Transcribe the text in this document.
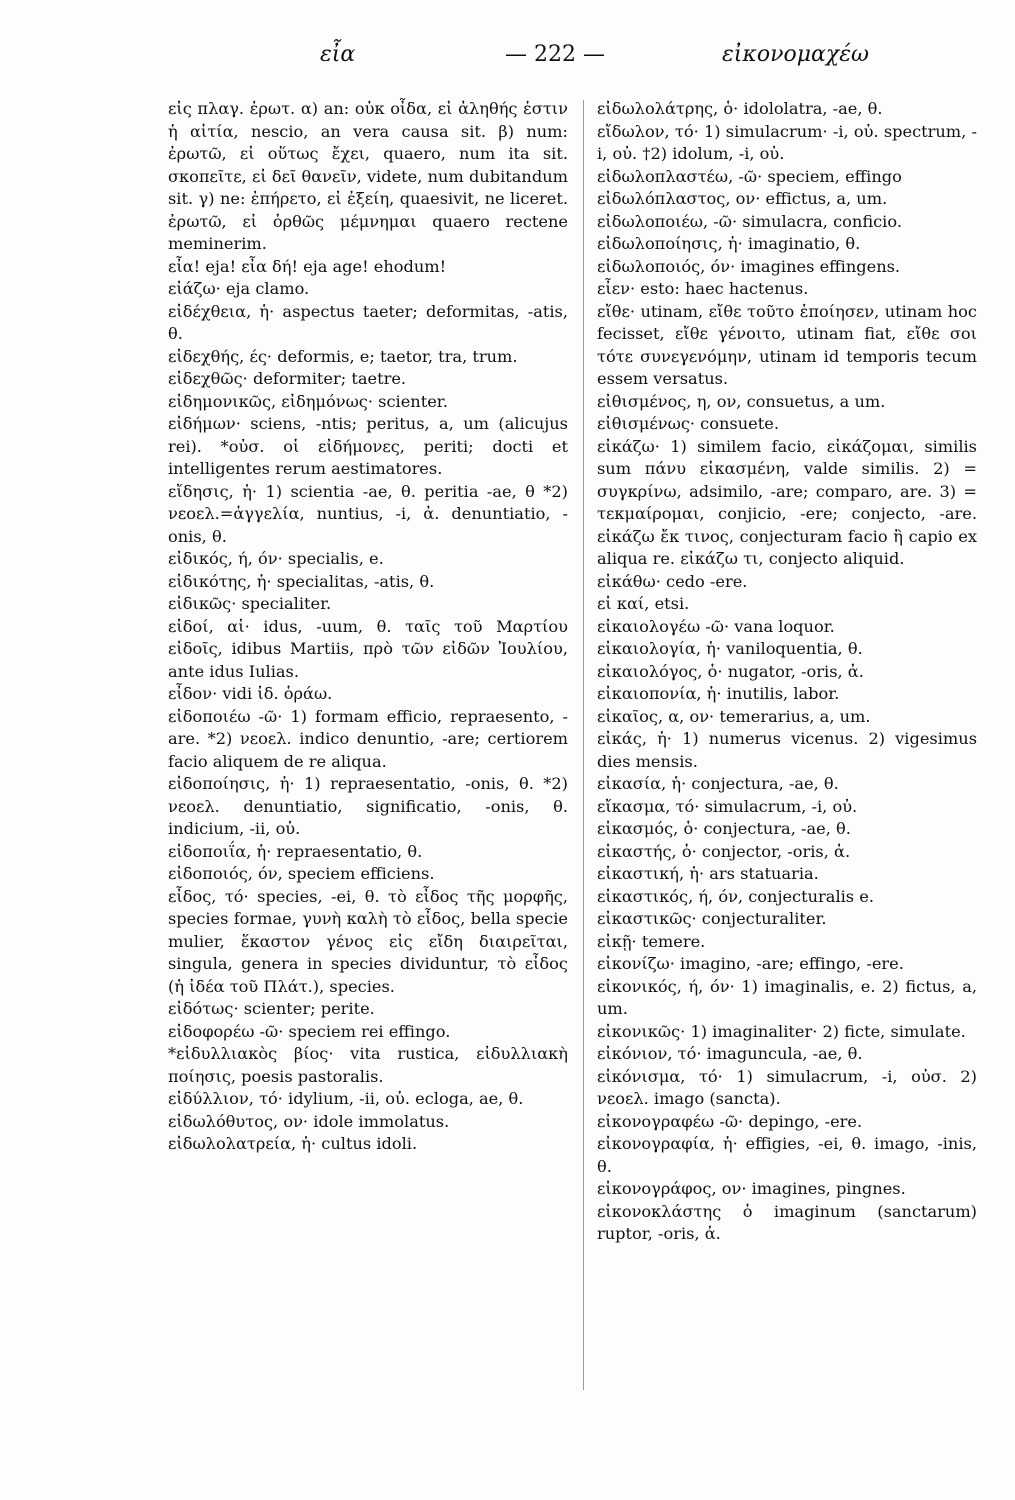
εἶα	— 222 —	εἰκονομαχέω

εἰς πλαγ. ἐρωτ. α) an: οὐκ οἶδα, εἰ ἀληθής ἐστιν ἡ αἰτία, nescio, an vera causa sit. β) num: ἐρωτῶ, εἰ οὕτως ἔχει, quaero, num ita sit. σκοπεῖτε, εἰ δεῖ θανεῖν, videte, num dubitandum sit. γ) ne: ἐπήρετο, εἰ ἐξείη, quaesivit, ne liceret. ἐρωτῶ, εἰ ὀρθῶς μέμνημαι quaero rectene meminerim.

εἶα! eja! εἶα δή! eja age! ehodum!

εἰάζω· eja clamo.

εἰδέχθεια, ἡ· aspectus taeter; deformitas, -atis, θ.

εἰδεχθής, ές· deformis, e; taetor, tra, trum.

εἰδεχθῶς· deformiter; taetre.

εἰδημονικῶς, εἰδημόνως· scienter.

εἰδήμων· sciens, -ntis; peritus, a, um (alicujus rei). *οὐσ. οἱ εἰδήμονες, periti; docti et intelligentes rerum aestimatores.

εἴδησις, ἡ· 1) scientia -ae, θ. peritia -ae, θ *2) νεοελ.=ἀγγελία, nuntius, -i, ἀ. denuntiatio, -onis, θ.

εἰδικός, ή, όν· specialis, e.

εἰδικότης, ἡ· specialitas, -atis, θ.

εἰδικῶς· specialiter.

εἰδοί, αἱ· idus, -uum, θ. ταῖς τοῦ Μαρτίου εἰδοῖς, idibus Martiis, πρὸ τῶν εἰδῶν Ἰουλίου, ante idus Iulias.

εἶδον· vidi ἰδ. ὁράω.

εἰδοποιέω -ῶ· 1) formam efficio, repraesento, -are. *2) νεοελ. indico denuntio, -are; certiorem facio aliquem de re aliqua.

εἰδοποίησις, ἡ· 1) repraesentatio, -onis, θ. *2) νεοελ. denuntiatio, significatio, -onis, θ. indicium, -ii, οὐ.

εἰδοποιΐα, ἡ· repraesentatio, θ.

εἰδοποιός, όν, speciem efficiens.

εἶδος, τό· species, -ei, θ. τὸ εἶδος τῆς μορφῆς, species formae, γυνὴ καλὴ τὸ εἶδος, bella specie mulier, ἕκαστον γένος εἰς εἴδη διαιρεῖται, singula, genera in species dividuntur, τὸ εἶδος (ἡ ἰδέα τοῦ Πλάτ.), species.

εἰδότως· scienter; perite.

εἰδοφορέω -ῶ· speciem rei effingo.

*εἰδυλλιακὸς βίος· vita rustica, εἰδυλλιακὴ ποίησις, poesis pastoralis.

εἰδύλλιον, τό· idylium, -ii, οὐ. ecloga, ae, θ.

εἰδωλόθυτος, ον· idole immolatus.

εἰδωλολατρεία, ἡ· cultus idoli.

εἰδωλολάτρης, ὁ· idololatra, -ae, θ.

εἴδωλον, τό· 1) simulacrum· -i, οὐ. spectrum, -i, οὐ. †2) idolum, -i, οὐ.

εἰδωλοπλαστέω, -ῶ· speciem, effingo

εἰδωλόπλαστος, ον· effictus, a, um.

εἰδωλοποιέω, -ῶ· simulacra, conficio.

εἰδωλοποίησις, ἡ· imaginatio, θ.

εἰδωλοποιός, όν· imagines effingens.

εἶεν· esto: haec hactenus.

εἴθε· utinam, εἴθε τοῦτο ἐποίησεν, utinam hoc fecisset, εἴθε γένοιτο, utinam fiat, εἴθε σοι τότε συνεγενόμην, utinam id temporis tecum essem versatus.

εἰθισμένος, η, ον, consuetus, a um.

εἰθισμένως· consuete.

εἰκάζω· 1) similem facio, εἰκάζομαι, similis sum πάνυ εἰκασμένη, valde similis. 2) = συγκρίνω, adsimilo, -are; comparo, are. 3) = τεκμαίρομαι, conjicio, -ere; conjecto, -are. εἰκάζω ἔκ τινος, conjecturam facio ἢ capio ex aliqua re. εἰκάζω τι, conjecto aliquid.

εἰκάθω· cedo -ere.

εἰ καί, etsi.

εἰκαιολογέω -ῶ· vana loquor.

εἰκαιολογία, ἡ· vaniloquentia, θ.

εἰκαιολόγος, ὁ· nugator, -oris, ἀ.

εἰκαιοπονία, ἡ· inutilis, labor.

εἰκαῖος, α, ον· temerarius, a, um.

εἰκάς, ἡ· 1) numerus vicenus. 2) vigesimus dies mensis.

εἰκασία, ἡ· conjectura, -ae, θ.

εἴκασμα, τό· simulacrum, -i, οὐ.

εἰκασμός, ὁ· conjectura, -ae, θ.

εἰκαστής, ὁ· conjector, -oris, ἀ.

εἰκαστική, ἡ· ars statuaria.

εἰκαστικός, ή, όν, conjecturalis e.

εἰκαστικῶς· conjecturaliter.

εἰκῇ· temere.

εἰκονίζω· imagino, -are; effingo, -ere.

εἰκονικός, ή, όν· 1) imaginalis, e. 2) fictus, a, um.

εἰκονικῶς· 1) imaginaliter· 2) ficte, simulate.

εἰκόνιον, τό· imaguncula, -ae, θ.

εἰκόνισμα, τό· 1) simulacrum, -i, οὐσ. 2) νεοελ. imago (sancta).

εἰκονογραφέω -ῶ· depingo, -ere.

εἰκονογραφία, ἡ· effigies, -ei, θ. imago, -inis, θ.

εἰκονογράφος, ον· imagines, pingnes.

εἰκονοκλάστης ὁ imaginum (sanctarum) ruptor, -oris, ἀ.
